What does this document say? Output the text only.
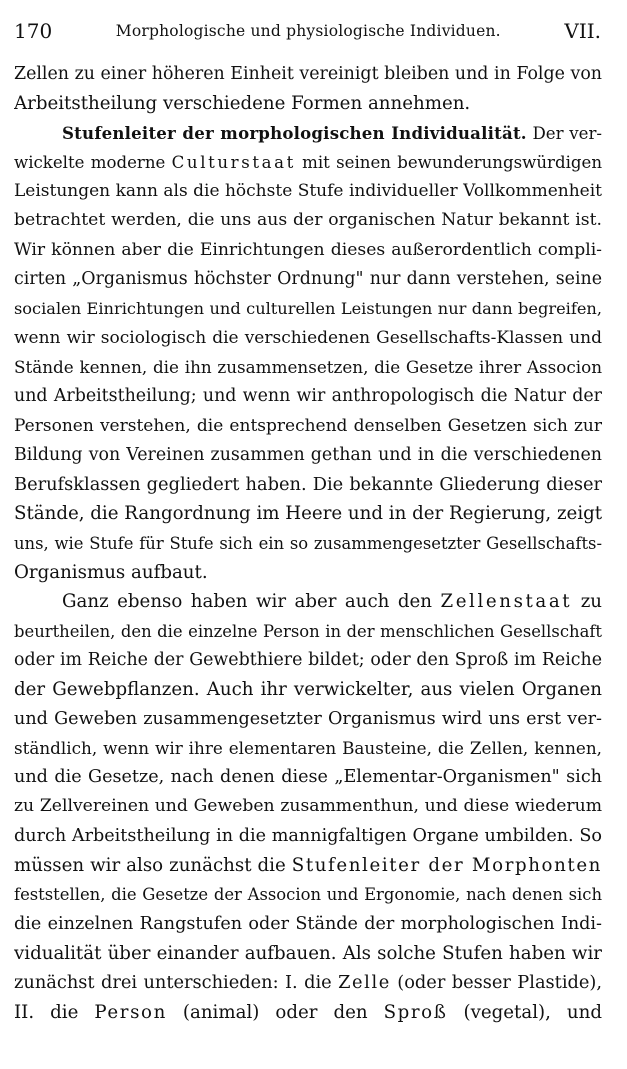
170	Morphologische und physiologische Individuen.	VII.
Zellen zu einer höheren Einheit vereinigt bleiben und in Folge von
Arbeitstheilung verschiedene Formen annehmen.
Stufenleiter der morphologischen Individualität. Der ver-
wickelte moderne Culturstaat mit seinen bewunderungswürdigen
Leistungen kann als die höchste Stufe individueller Vollkommenheit
betrachtet werden, die uns aus der organischen Natur bekannt ist.
Wir können aber die Einrichtungen dieses außerordentlich compli-
cirten „Organismus höchster Ordnung" nur dann verstehen, seine
socialen Einrichtungen und culturellen Leistungen nur dann begreifen,
wenn wir sociologisch die verschiedenen Gesellschafts-Klassen und
Stände kennen, die ihn zusammensetzen, die Gesetze ihrer Associon
und Arbeitstheilung; und wenn wir anthropologisch die Natur der
Personen verstehen, die entsprechend denselben Gesetzen sich zur
Bildung von Vereinen zusammen gethan und in die verschiedenen
Berufsklassen gegliedert haben. Die bekannte Gliederung dieser
Stände, die Rangordnung im Heere und in der Regierung, zeigt
uns, wie Stufe für Stufe sich ein so zusammengesetzter Gesellschafts-
Organismus aufbaut.
Ganz ebenso haben wir aber auch den Zellenstaat zu
beurtheilen, den die einzelne Person in der menschlichen Gesellschaft
oder im Reiche der Gewebthiere bildet; oder den Sproß im Reiche
der Gewebpflanzen. Auch ihr verwickelter, aus vielen Organen
und Geweben zusammengesetzter Organismus wird uns erst ver-
ständlich, wenn wir ihre elementaren Bausteine, die Zellen, kennen,
und die Gesetze, nach denen diese „Elementar-Organismen" sich
zu Zellvereinen und Geweben zusammenthun, und diese wiederum
durch Arbeitstheilung in die mannigfaltigen Organe umbilden. So
müssen wir also zunächst die Stufenleiter der Morphonten
feststellen, die Gesetze der Associon und Ergonomie, nach denen sich
die einzelnen Rangstufen oder Stände der morphologischen Indi-
vidualität über einander aufbauen. Als solche Stufen haben wir
zunächst drei unterschieden: I. die Zelle (oder besser Plastide),
II. die Person (animal) oder den Sproß (vegetal), und
